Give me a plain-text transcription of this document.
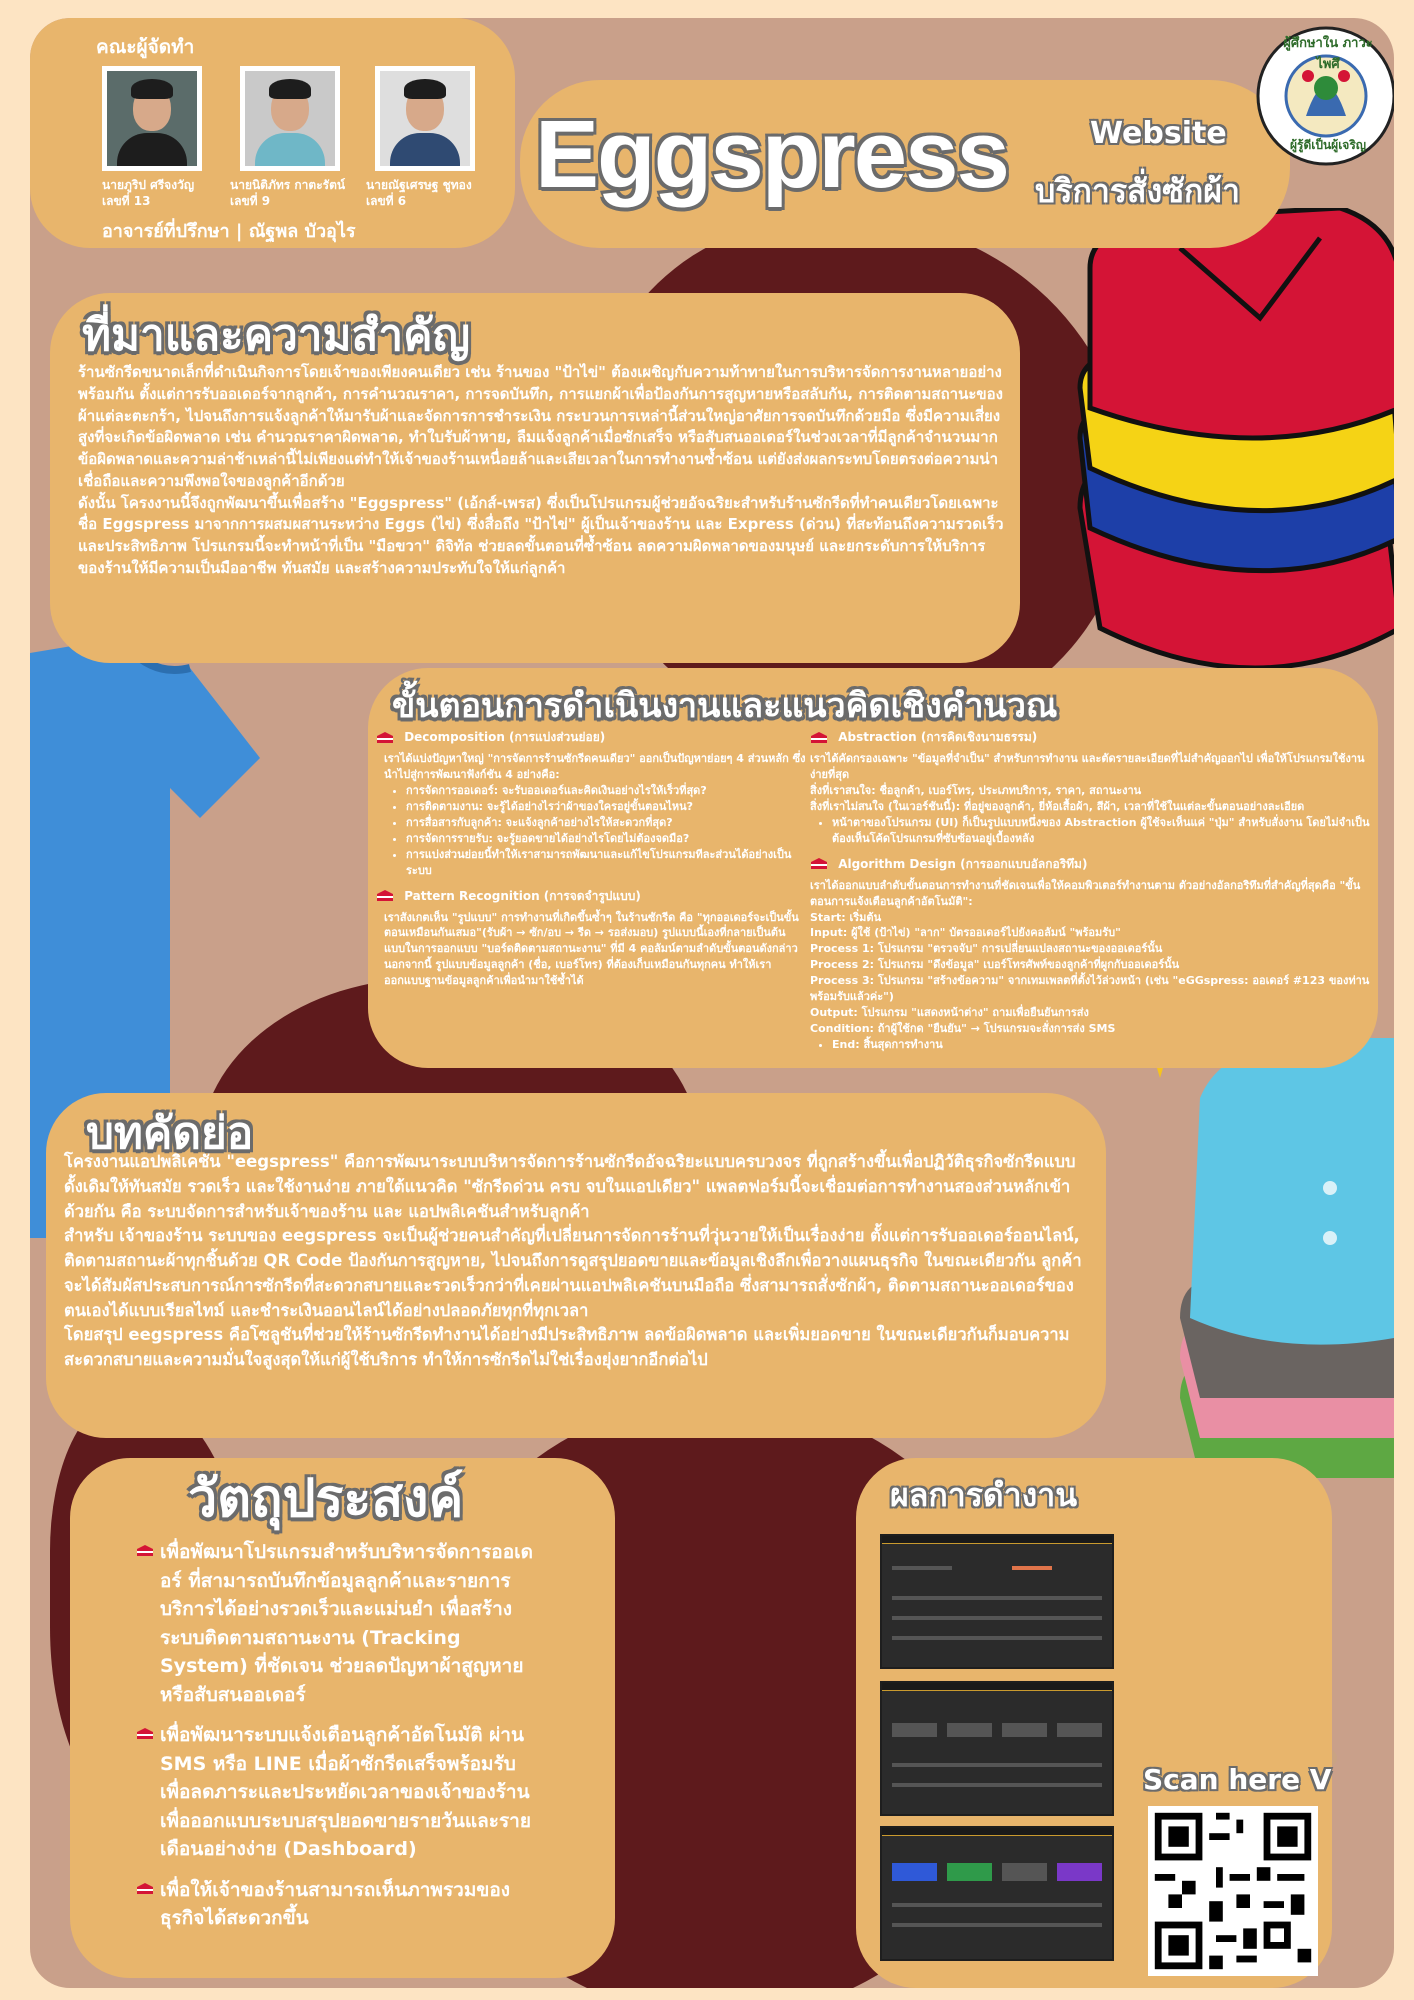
คณะผู้จัดทำ
นายภูริป ศรีจงวัญ
เลขที่ 13
นายนิติภัทร กาตะรัตน์
เลขที่ 9
นายณัฐเศรษฐ ชูทอง
เลขที่ 6
อาจารย์ที่ปรึกษา | ณัฐพล บัวอุไร
Eggspress	Website
บริการสั่งซักผ้า
ผู้ศึกษาใน ภาวะไพศึ
ผู้รู้ดีเป็นผู้เจริญ
ที่มาและความสำคัญ

ร้านซักรีดขนาดเล็กที่ดำเนินกิจการโดยเจ้าของเพียงคนเดียว เช่น ร้านของ "ป้าไข่" ต้องเผชิญกับความท้าทายในการบริหารจัดการงานหลายอย่างพร้อมกัน ตั้งแต่การรับออเดอร์จากลูกค้า, การคำนวณราคา, การจดบันทึก, การแยกผ้าเพื่อป้องกันการสูญหายหรือสลับกัน, การติดตามสถานะของผ้าแต่ละตะกร้า, ไปจนถึงการแจ้งลูกค้าให้มารับผ้าและจัดการการชำระเงิน กระบวนการเหล่านี้ส่วนใหญ่อาศัยการจดบันทึกด้วยมือ ซึ่งมีความเสี่ยงสูงที่จะเกิดข้อผิดพลาด เช่น คำนวณราคาผิดพลาด, ทำใบรับผ้าหาย, ลืมแจ้งลูกค้าเมื่อซักเสร็จ หรือสับสนออเดอร์ในช่วงเวลาที่มีลูกค้าจำนวนมาก

ข้อผิดพลาดและความล่าช้าเหล่านี้ไม่เพียงแต่ทำให้เจ้าของร้านเหนื่อยล้าและเสียเวลาในการทำงานซ้ำซ้อน แต่ยังส่งผลกระทบโดยตรงต่อความน่าเชื่อถือและความพึงพอใจของลูกค้าอีกด้วย

ดังนั้น โครงงานนี้จึงถูกพัฒนาขึ้นเพื่อสร้าง "Eggspress" (เอ้กส์-เพรส) ซึ่งเป็นโปรแกรมผู้ช่วยอัจฉริยะสำหรับร้านซักรีดที่ทำคนเดียวโดยเฉพาะ ชื่อ Eggspress มาจากการผสมผสานระหว่าง Eggs (ไข่) ซึ่งสื่อถึง "ป้าไข่" ผู้เป็นเจ้าของร้าน และ Express (ด่วน) ที่สะท้อนถึงความรวดเร็วและประสิทธิภาพ โปรแกรมนี้จะทำหน้าที่เป็น "มือขวา" ดิจิทัล ช่วยลดขั้นตอนที่ซ้ำซ้อน ลดความผิดพลาดของมนุษย์ และยกระดับการให้บริการของร้านให้มีความเป็นมืออาชีพ ทันสมัย และสร้างความประทับใจให้แก่ลูกค้า

ขั้นตอนการดำเนินงานและแนวคิดเชิงคำนวณ
Decomposition (การแบ่งส่วนย่อย)

เราได้แบ่งปัญหาใหญ่ "การจัดการร้านซักรีดคนเดียว" ออกเป็นปัญหาย่อยๆ 4 ส่วนหลัก ซึ่งนำไปสู่การพัฒนาฟังก์ชัน 4 อย่างคือ:

• การจัดการออเดอร์: จะรับออเดอร์และคิดเงินอย่างไรให้เร็วที่สุด?
• การติดตามงาน: จะรู้ได้อย่างไรว่าผ้าของใครอยู่ขั้นตอนไหน?
• การสื่อสารกับลูกค้า: จะแจ้งลูกค้าอย่างไรให้สะดวกที่สุด?
• การจัดการรายรับ: จะรู้ยอดขายได้อย่างไรโดยไม่ต้องจดมือ?
• การแบ่งส่วนย่อยนี้ทำให้เราสามารถพัฒนาและแก้ไขโปรแกรมทีละส่วนได้อย่างเป็นระบบ
Pattern Recognition (การจดจำรูปแบบ)

เราสังเกตเห็น "รูปแบบ" การทำงานที่เกิดขึ้นซ้ำๆ ในร้านซักรีด คือ "ทุกออเดอร์จะเป็นขั้นตอนเหมือนกันเสมอ"(รับผ้า → ซัก/อบ → รีด → รอส่งมอบ) รูปแบบนี้เองที่กลายเป็นต้นแบบในการออกแบบ "บอร์ดติดตามสถานะงาน" ที่มี 4 คอลัมน์ตามลำดับขั้นตอนดังกล่าว

นอกจากนี้ รูปแบบข้อมูลลูกค้า (ชื่อ, เบอร์โทร) ที่ต้องเก็บเหมือนกันทุกคน ทำให้เราออกแบบฐานข้อมูลลูกค้าเพื่อนำมาใช้ซ้ำได้

Abstraction (การคิดเชิงนามธรรม)

เราได้คัดกรองเฉพาะ "ข้อมูลที่จำเป็น" สำหรับการทำงาน และตัดรายละเอียดที่ไม่สำคัญออกไป เพื่อให้โปรแกรมใช้งานง่ายที่สุด

สิ่งที่เราสนใจ: ชื่อลูกค้า, เบอร์โทร, ประเภทบริการ, ราคา, สถานะงาน

สิ่งที่เราไม่สนใจ (ในเวอร์ชันนี้): ที่อยู่ของลูกค้า, ยี่ห้อเสื้อผ้า, สีผ้า, เวลาที่ใช้ในแต่ละขั้นตอนอย่างละเอียด

• หน้าตาของโปรแกรม (UI) ก็เป็นรูปแบบหนึ่งของ Abstraction ผู้ใช้จะเห็นแค่ "ปุ่ม" สำหรับสั่งงาน โดยไม่จำเป็นต้องเห็นโค้ดโปรแกรมที่ซับซ้อนอยู่เบื้องหลัง
Algorithm Design (การออกแบบอัลกอริทึม)

เราได้ออกแบบลำดับขั้นตอนการทำงานที่ชัดเจนเพื่อให้คอมพิวเตอร์ทำงานตาม ตัวอย่างอัลกอริทึมที่สำคัญที่สุดคือ "ขั้นตอนการแจ้งเตือนลูกค้าอัตโนมัติ":

Start: เริ่มต้น

Input: ผู้ใช้ (ป้าไข่) "ลาก" บัตรออเดอร์ไปยังคอลัมน์ "พร้อมรับ"

Process 1: โปรแกรม "ตรวจจับ" การเปลี่ยนแปลงสถานะของออเดอร์นั้น

Process 2: โปรแกรม "ดึงข้อมูล" เบอร์โทรศัพท์ของลูกค้าที่ผูกกับออเดอร์นั้น

Process 3: โปรแกรม "สร้างข้อความ" จากเทมเพลตที่ตั้งไว้ล่วงหน้า (เช่น "eGGspress: ออเดอร์ #123 ของท่านพร้อมรับแล้วค่ะ")

Output: โปรแกรม "แสดงหน้าต่าง" ถามเพื่อยืนยันการส่ง

Condition: ถ้าผู้ใช้กด "ยืนยัน" → โปรแกรมจะสั่งการส่ง SMS

• End: สิ้นสุดการทำงาน
บทคัดย่อ

โครงงานแอปพลิเคชัน "eegspress" คือการพัฒนาระบบบริหารจัดการร้านซักรีดอัจฉริยะแบบครบวงจร ที่ถูกสร้างขึ้นเพื่อปฏิวัติธุรกิจซักรีดแบบดั้งเดิมให้ทันสมัย รวดเร็ว และใช้งานง่าย ภายใต้แนวคิด "ซักรีดด่วน ครบ จบในแอปเดียว" แพลตฟอร์มนี้จะเชื่อมต่อการทำงานสองส่วนหลักเข้าด้วยกัน คือ ระบบจัดการสำหรับเจ้าของร้าน และ แอปพลิเคชันสำหรับลูกค้า

สำหรับ เจ้าของร้าน ระบบของ eegspress จะเป็นผู้ช่วยคนสำคัญที่เปลี่ยนการจัดการร้านที่วุ่นวายให้เป็นเรื่องง่าย ตั้งแต่การรับออเดอร์ออนไลน์, ติดตามสถานะผ้าทุกชิ้นด้วย QR Code ป้องกันการสูญหาย, ไปจนถึงการดูสรุปยอดขายและข้อมูลเชิงลึกเพื่อวางแผนธุรกิจ ในขณะเดียวกัน ลูกค้า จะได้สัมผัสประสบการณ์การซักรีดที่สะดวกสบายและรวดเร็วกว่าที่เคยผ่านแอปพลิเคชันบนมือถือ ซึ่งสามารถสั่งซักผ้า, ติดตามสถานะออเดอร์ของตนเองได้แบบเรียลไทม์ และชำระเงินออนไลน์ได้อย่างปลอดภัยทุกที่ทุกเวลา

โดยสรุป eegspress คือโซลูชันที่ช่วยให้ร้านซักรีดทำงานได้อย่างมีประสิทธิภาพ ลดข้อผิดพลาด และเพิ่มยอดขาย ในขณะเดียวกันก็มอบความสะดวกสบายและความมั่นใจสูงสุดให้แก่ผู้ใช้บริการ ทำให้การซักรีดไม่ใช่เรื่องยุ่งยากอีกต่อไป

วัตถุประสงค์

เพื่อพัฒนาโปรแกรมสำหรับบริหารจัดการออเดอร์ ที่สามารถบันทึกข้อมูลลูกค้าและรายการบริการได้อย่างรวดเร็วและแม่นยำ เพื่อสร้างระบบติดตามสถานะงาน (Tracking System) ที่ชัดเจน ช่วยลดปัญหาผ้าสูญหายหรือสับสนออเดอร์

เพื่อพัฒนาระบบแจ้งเตือนลูกค้าอัตโนมัติ ผ่าน SMS หรือ LINE เมื่อผ้าซักรีดเสร็จพร้อมรับ เพื่อลดภาระและประหยัดเวลาของเจ้าของร้าน เพื่อออกแบบระบบสรุปยอดขายรายวันและรายเดือนอย่างง่าย (Dashboard)

เพื่อให้เจ้าของร้านสามารถเห็นภาพรวมของธุรกิจได้สะดวกขึ้น

ผลการดำงาน
Scan here V
